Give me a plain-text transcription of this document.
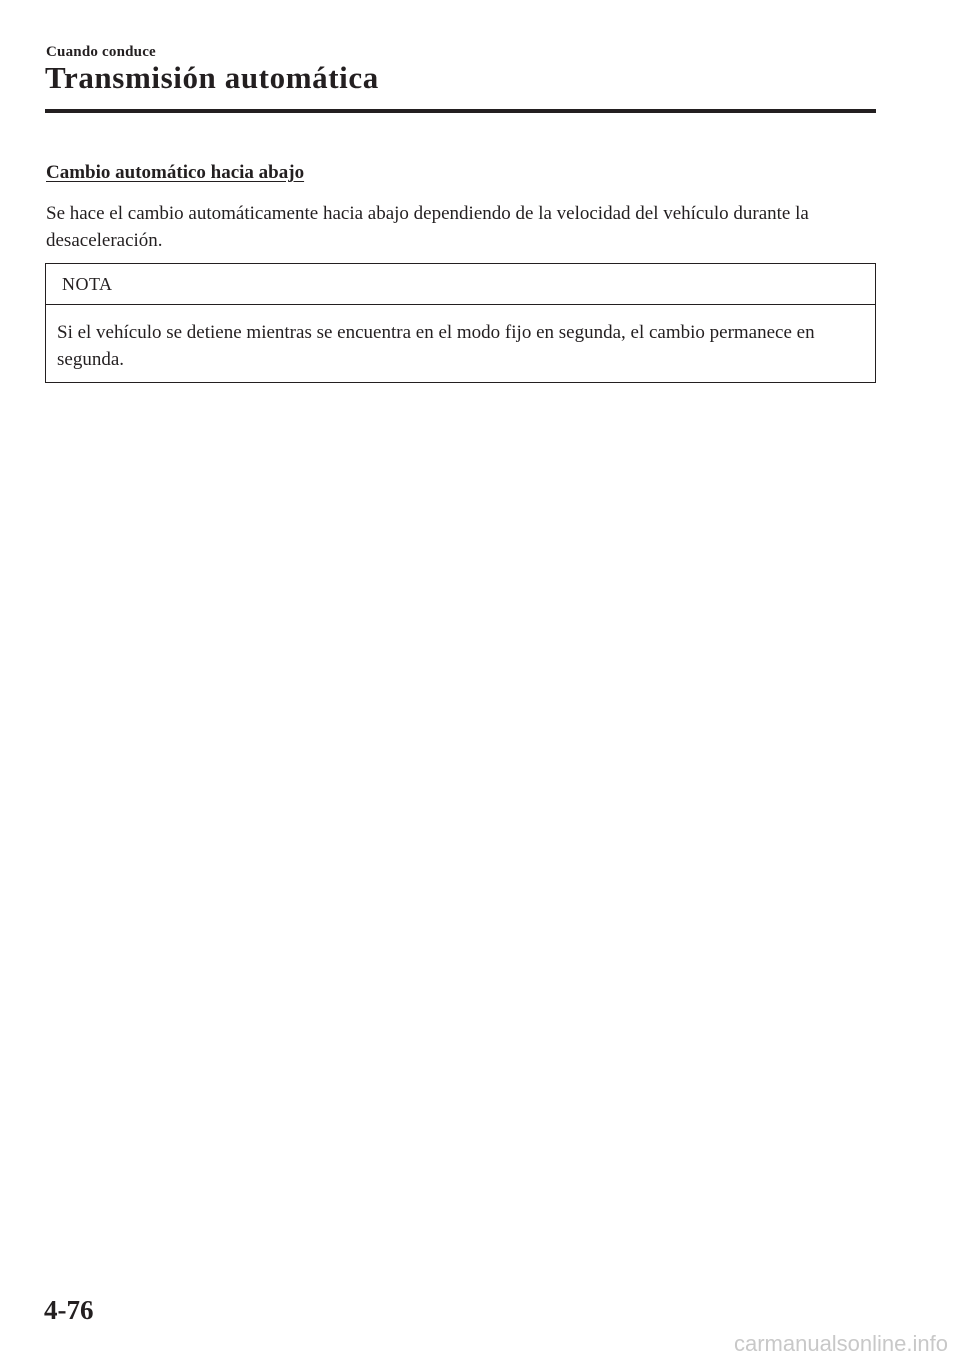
Cuando conduce
Transmisión automática
Cambio automático hacia abajo
Se hace el cambio automáticamente hacia abajo dependiendo de la velocidad del vehículo durante la desaceleración.
NOTA
Si el vehículo se detiene mientras se encuentra en el modo fijo en segunda, el cambio permanece en segunda.
4-76
carmanualsonline.info
